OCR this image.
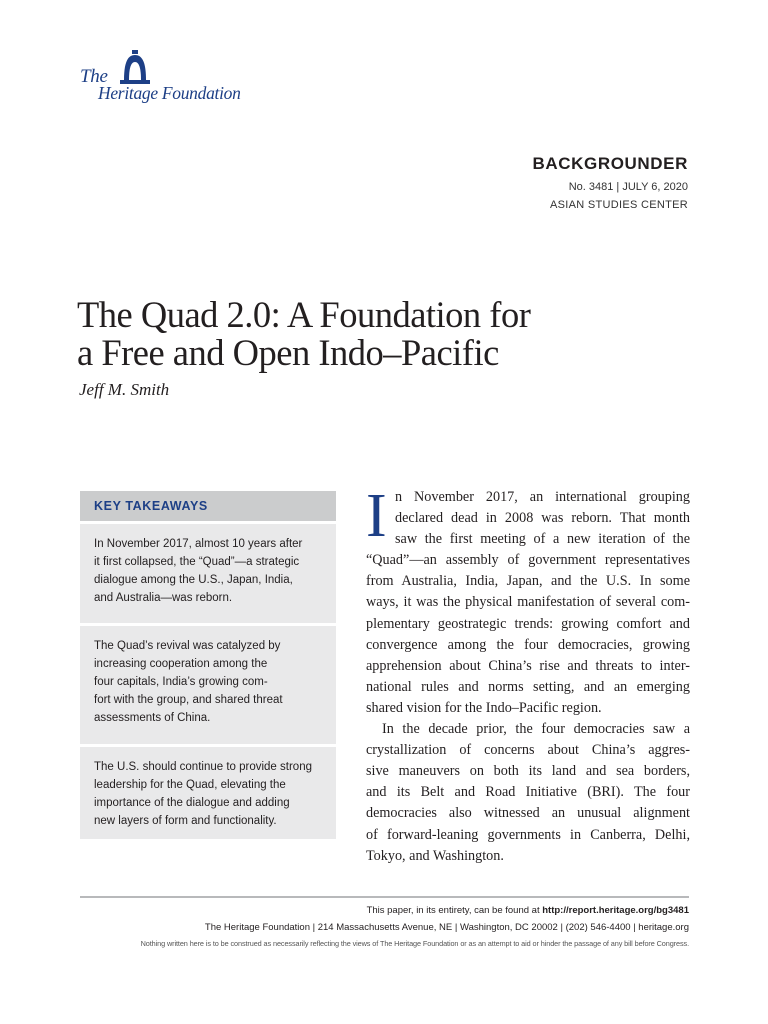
The
Heritage Foundation
BACKGROUNDER
No. 3481 | JULY 6, 2020
ASIAN STUDIES CENTER
The Quad 2.0: A Foundation for
a Free and Open Indo–Pacific
Jeff M. Smith
KEY TAKEAWAYS
In November 2017, almost 10 years after
it first collapsed, the “Quad”—a strategic
dialogue among the U.S., Japan, India,
and Australia—was reborn.
The Quad’s revival was catalyzed by
increasing cooperation among the
four capitals, India’s growing com-
fort with the group, and shared threat
assessments of China.
The U.S. should continue to provide strong
leadership for the Quad, elevating the
importance of the dialogue and adding
new layers of form and functionality.
I n November 2017, an international grouping
declared dead in 2008 was reborn. That month
saw the first meeting of a new iteration of the
“Quad”—an assembly of government representatives
from Australia, India, Japan, and the U.S. In some
ways, it was the physical manifestation of several com-
plementary geostrategic trends: growing comfort and
convergence among the four democracies, growing
apprehension about China’s rise and threats to inter-
national rules and norms setting, and an emerging
shared vision for the Indo–Pacific region.
In the decade prior, the four democracies saw a
crystallization of concerns about China’s aggres-
sive maneuvers on both its land and sea borders,
and its Belt and Road Initiative (BRI). The four
democracies also witnessed an unusual alignment
of forward-leaning governments in Canberra, Delhi,
Tokyo, and Washington.
This paper, in its entirety, can be found at http://report.heritage.org/bg3481
The Heritage Foundation | 214 Massachusetts Avenue, NE | Washington, DC 20002 | (202) 546-4400 | heritage.org
Nothing written here is to be construed as necessarily reflecting the views of The Heritage Foundation or as an attempt to aid or hinder the passage of any bill before Congress.
